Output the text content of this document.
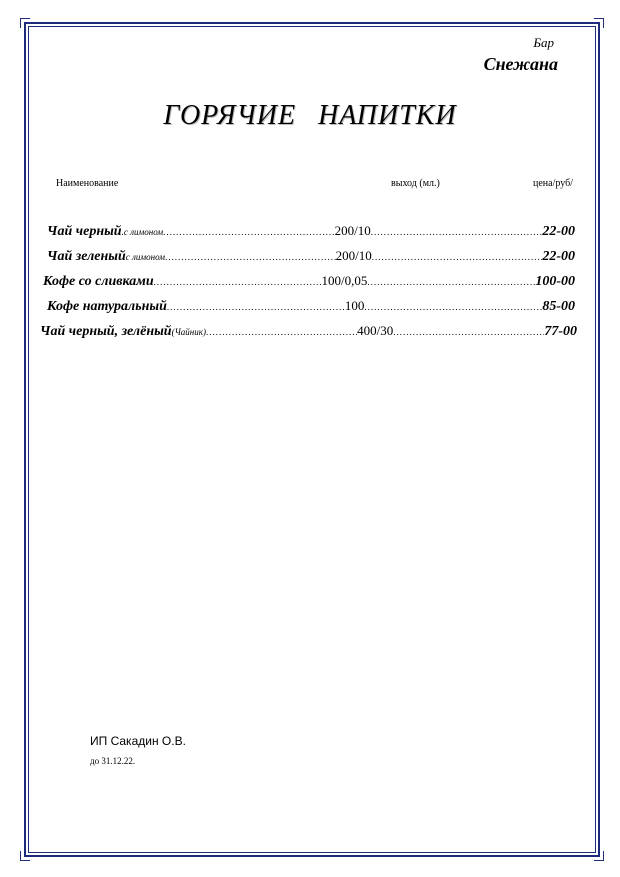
Бар
Снежана
ГОРЯЧИЕ НАПИТКИ
Наименование	выход (мл.)	цена/руб/
Чай черный .с лимоном .....	200/10 .....	22-00
Чай зеленый с лимоном .....	200/10 .....	22-00
Кофе со сливками .....	100/0,05 .....	100-00
Кофе натуральный .....	100 .....	85-00
Чай черный, зелёный (Чайник) .....	400/30 .....	77-00
ИП Сакадин О.В.
до 31.12.22.
